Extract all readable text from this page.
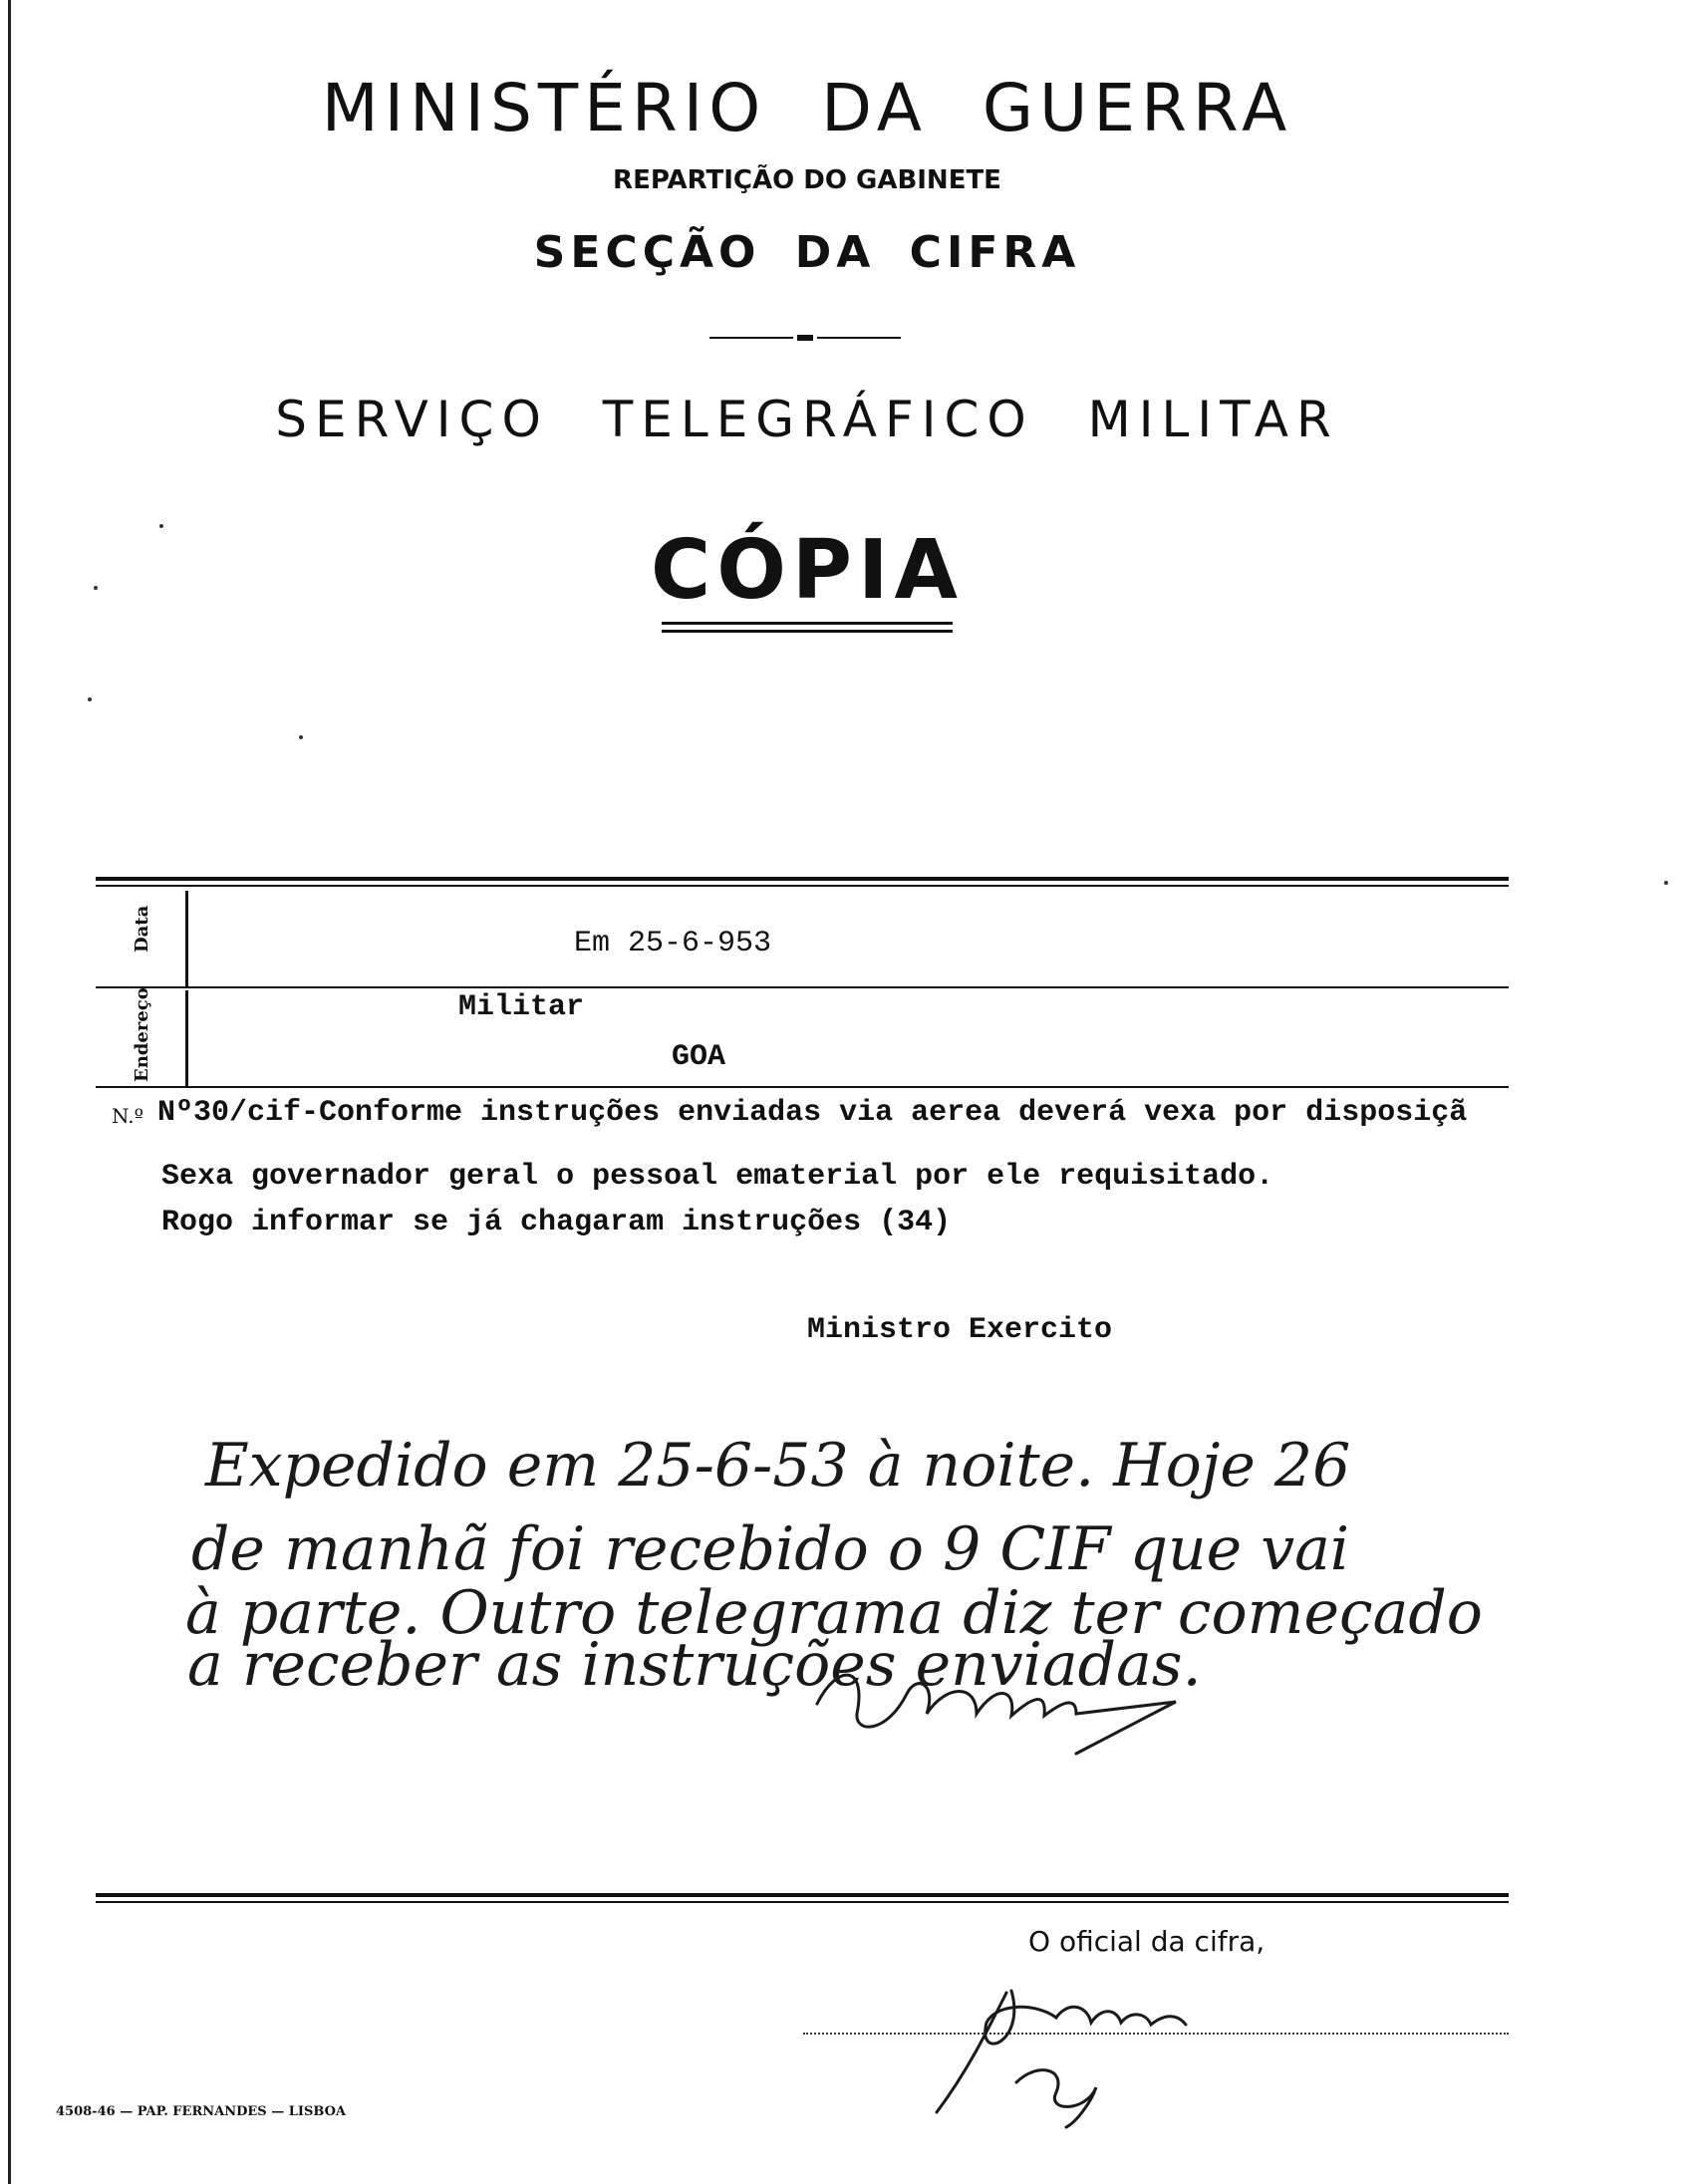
MINISTÉRIO DA GUERRA
REPARTIÇÃO DO GABINETE
SECÇÃO DA CIFRA
SERVIÇO TELEGRÁFICO MILITAR
CÓPIA
Data
Endereço
Em 25-6-953
Militar
GOA
N.º Nº30/cif-Conforme instruções enviadas via aerea deverá vexa por disposiçã
Sexa governador geral o pessoal ematerial por ele requisitado.
Rogo informar se já chagaram instruções (34)
Ministro Exercito
Expedido em 25-6-53 à noite. Hoje 26
de manhã foi recebido o 9 CIF que vai
à parte. Outro telegrama diz ter começado
a receber as instruções enviadas.
O oficial da cifra,
4508-46 — PAP. FERNANDES — LISBOA
